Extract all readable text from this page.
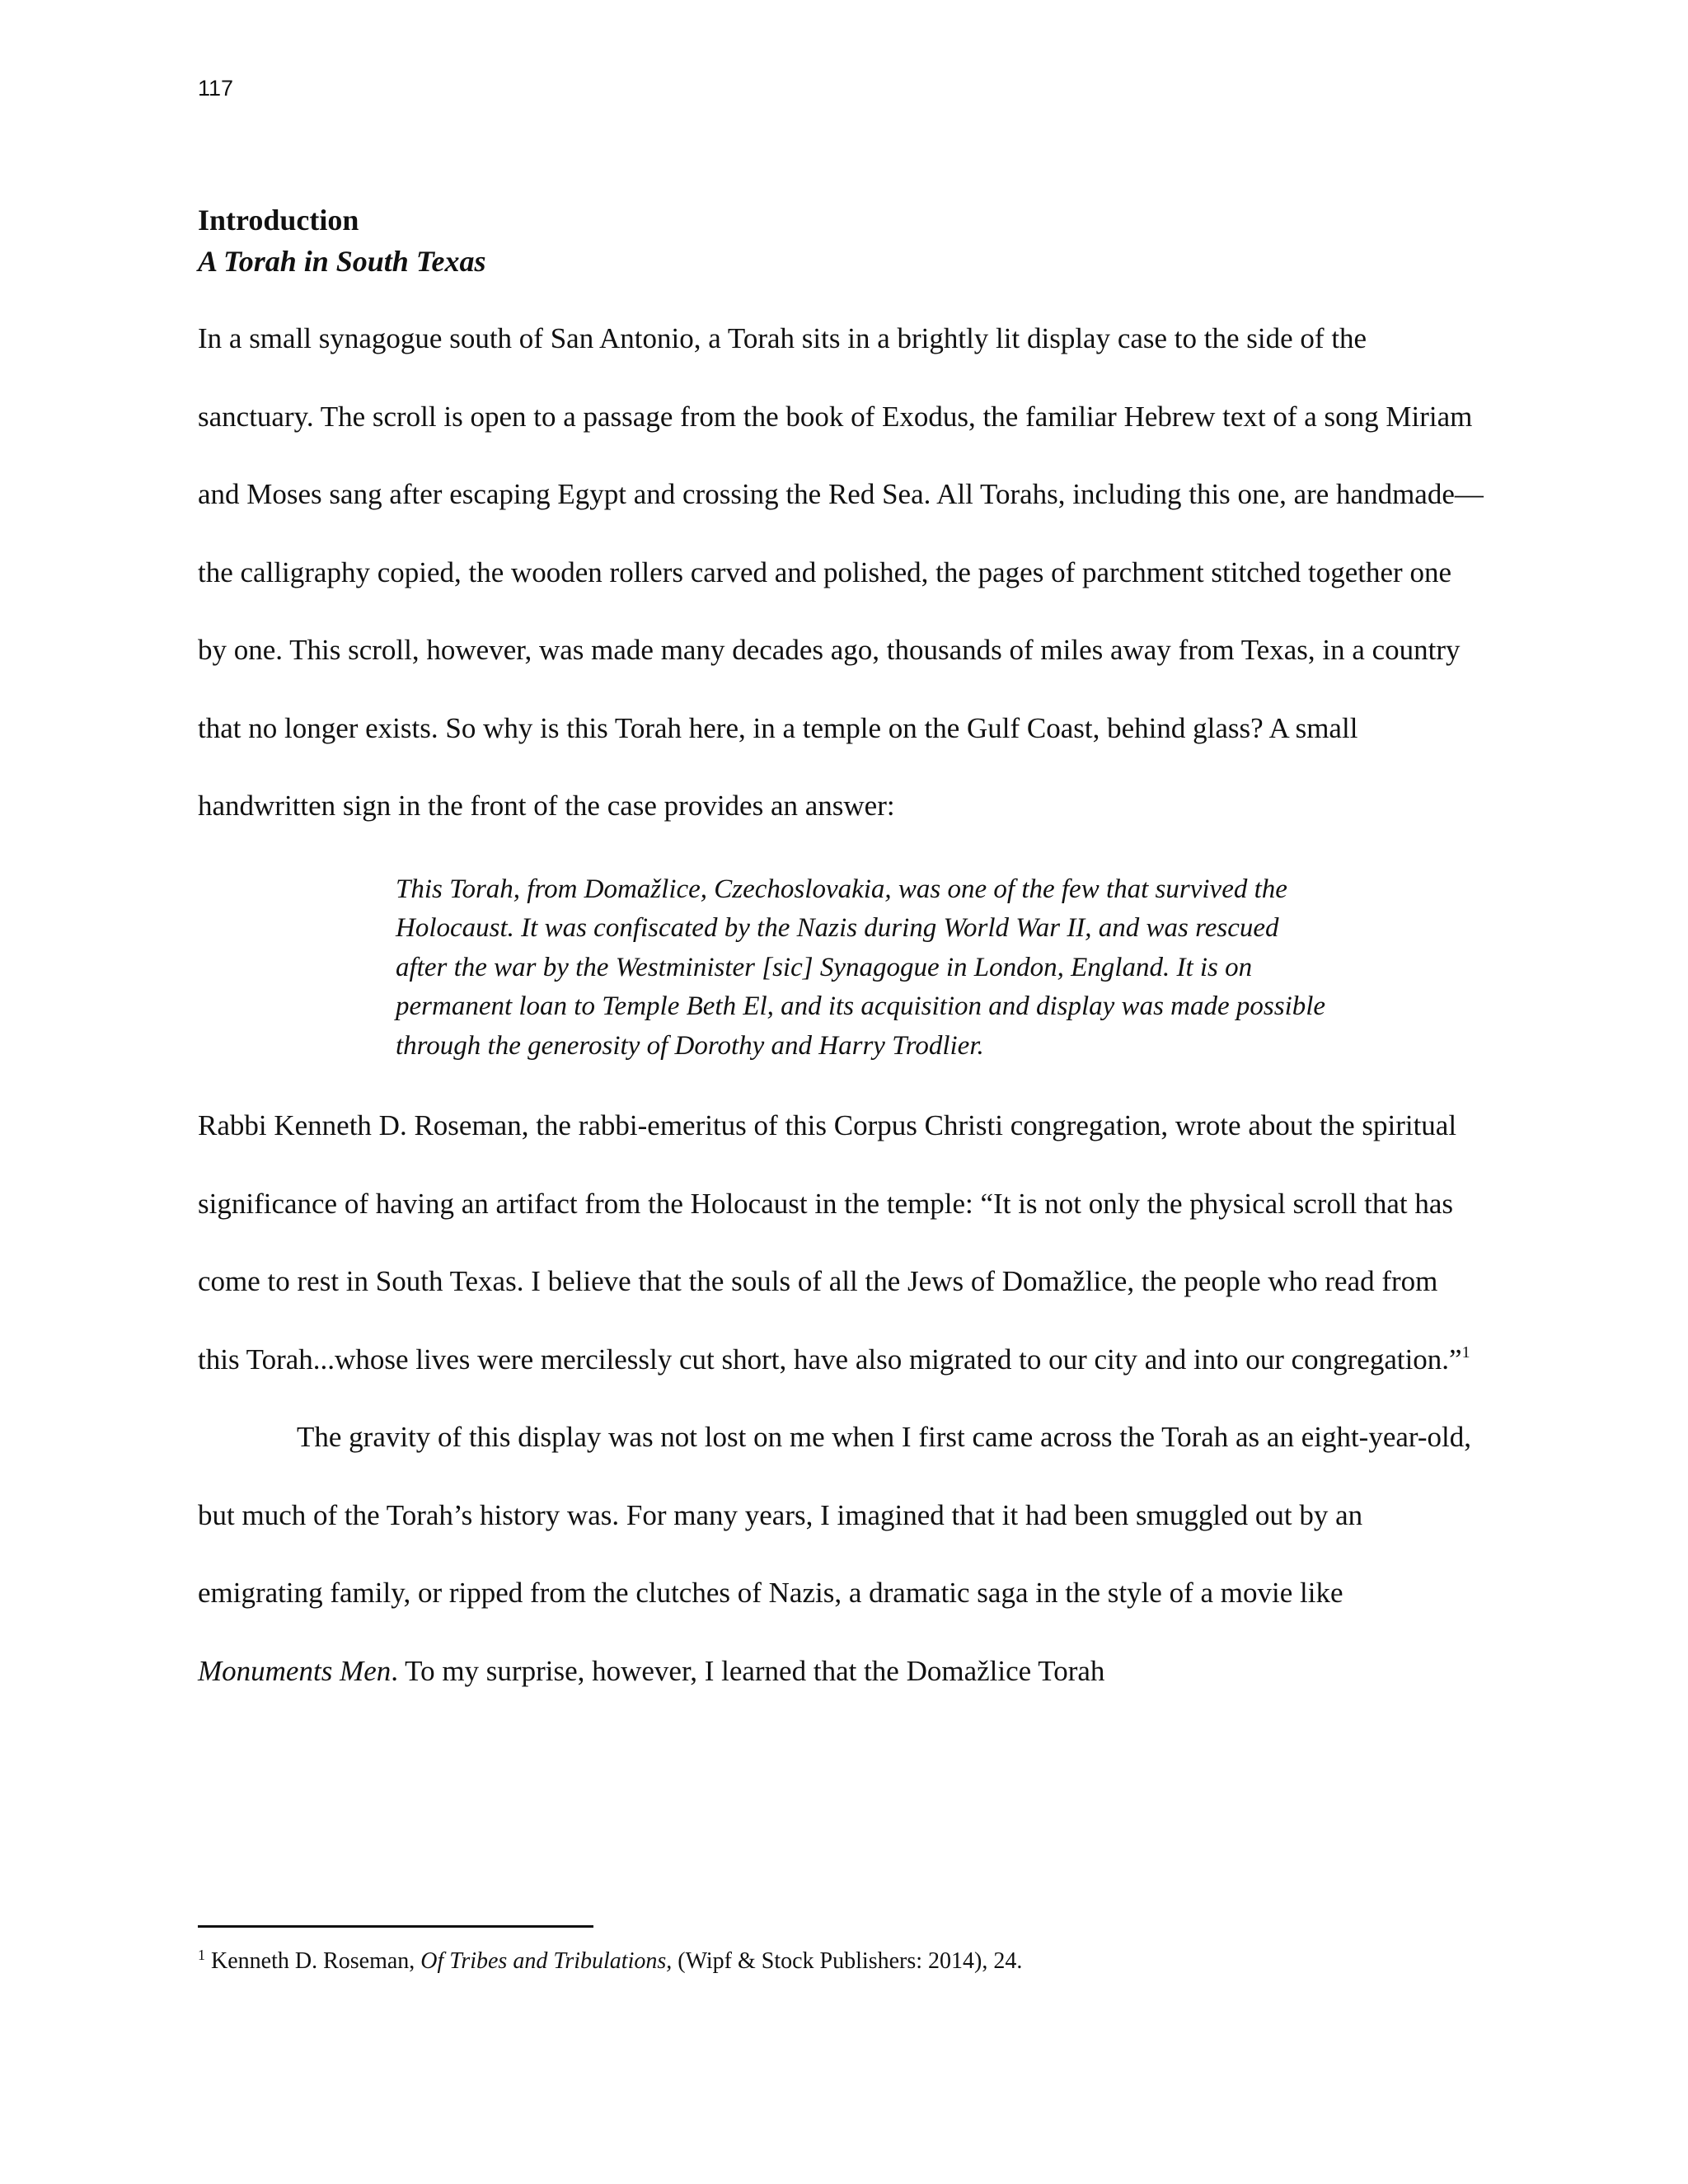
117
Introduction
A Torah in South Texas

In a small synagogue south of San Antonio, a Torah sits in a brightly lit display case to the side of the sanctuary. The scroll is open to a passage from the book of Exodus, the familiar Hebrew text of a song Miriam and Moses sang after escaping Egypt and crossing the Red Sea. All Torahs, including this one, are handmade—the calligraphy copied, the wooden rollers carved and polished, the pages of parchment stitched together one by one. This scroll, however, was made many decades ago, thousands of miles away from Texas, in a country that no longer exists. So why is this Torah here, in a temple on the Gulf Coast, behind glass? A small handwritten sign in the front of the case provides an answer:

This Torah, from Domažlice, Czechoslovakia, was one of the few that survived the Holocaust. It was confiscated by the Nazis during World War II, and was rescued after the war by the Westminister [sic] Synagogue in London, England. It is on permanent loan to Temple Beth El, and its acquisition and display was made possible through the generosity of Dorothy and Harry Trodlier.

Rabbi Kenneth D. Roseman, the rabbi-emeritus of this Corpus Christi congregation, wrote about the spiritual significance of having an artifact from the Holocaust in the temple: “It is not only the physical scroll that has come to rest in South Texas. I believe that the souls of all the Jews of Domažlice, the people who read from this Torah...whose lives were mercilessly cut short, have also migrated to our city and into our congregation.”$^1$

The gravity of this display was not lost on me when I first came across the Torah as an eight-year-old, but much of the Torah’s history was. For many years, I imagined that it had been smuggled out by an emigrating family, or ripped from the clutches of Nazis, a dramatic saga in the style of a movie like Monuments Men. To my surprise, however, I learned that the Domažlice Torah

$^1$ Kenneth D. Roseman, Of Tribes and Tribulations, (Wipf & Stock Publishers: 2014), 24.
